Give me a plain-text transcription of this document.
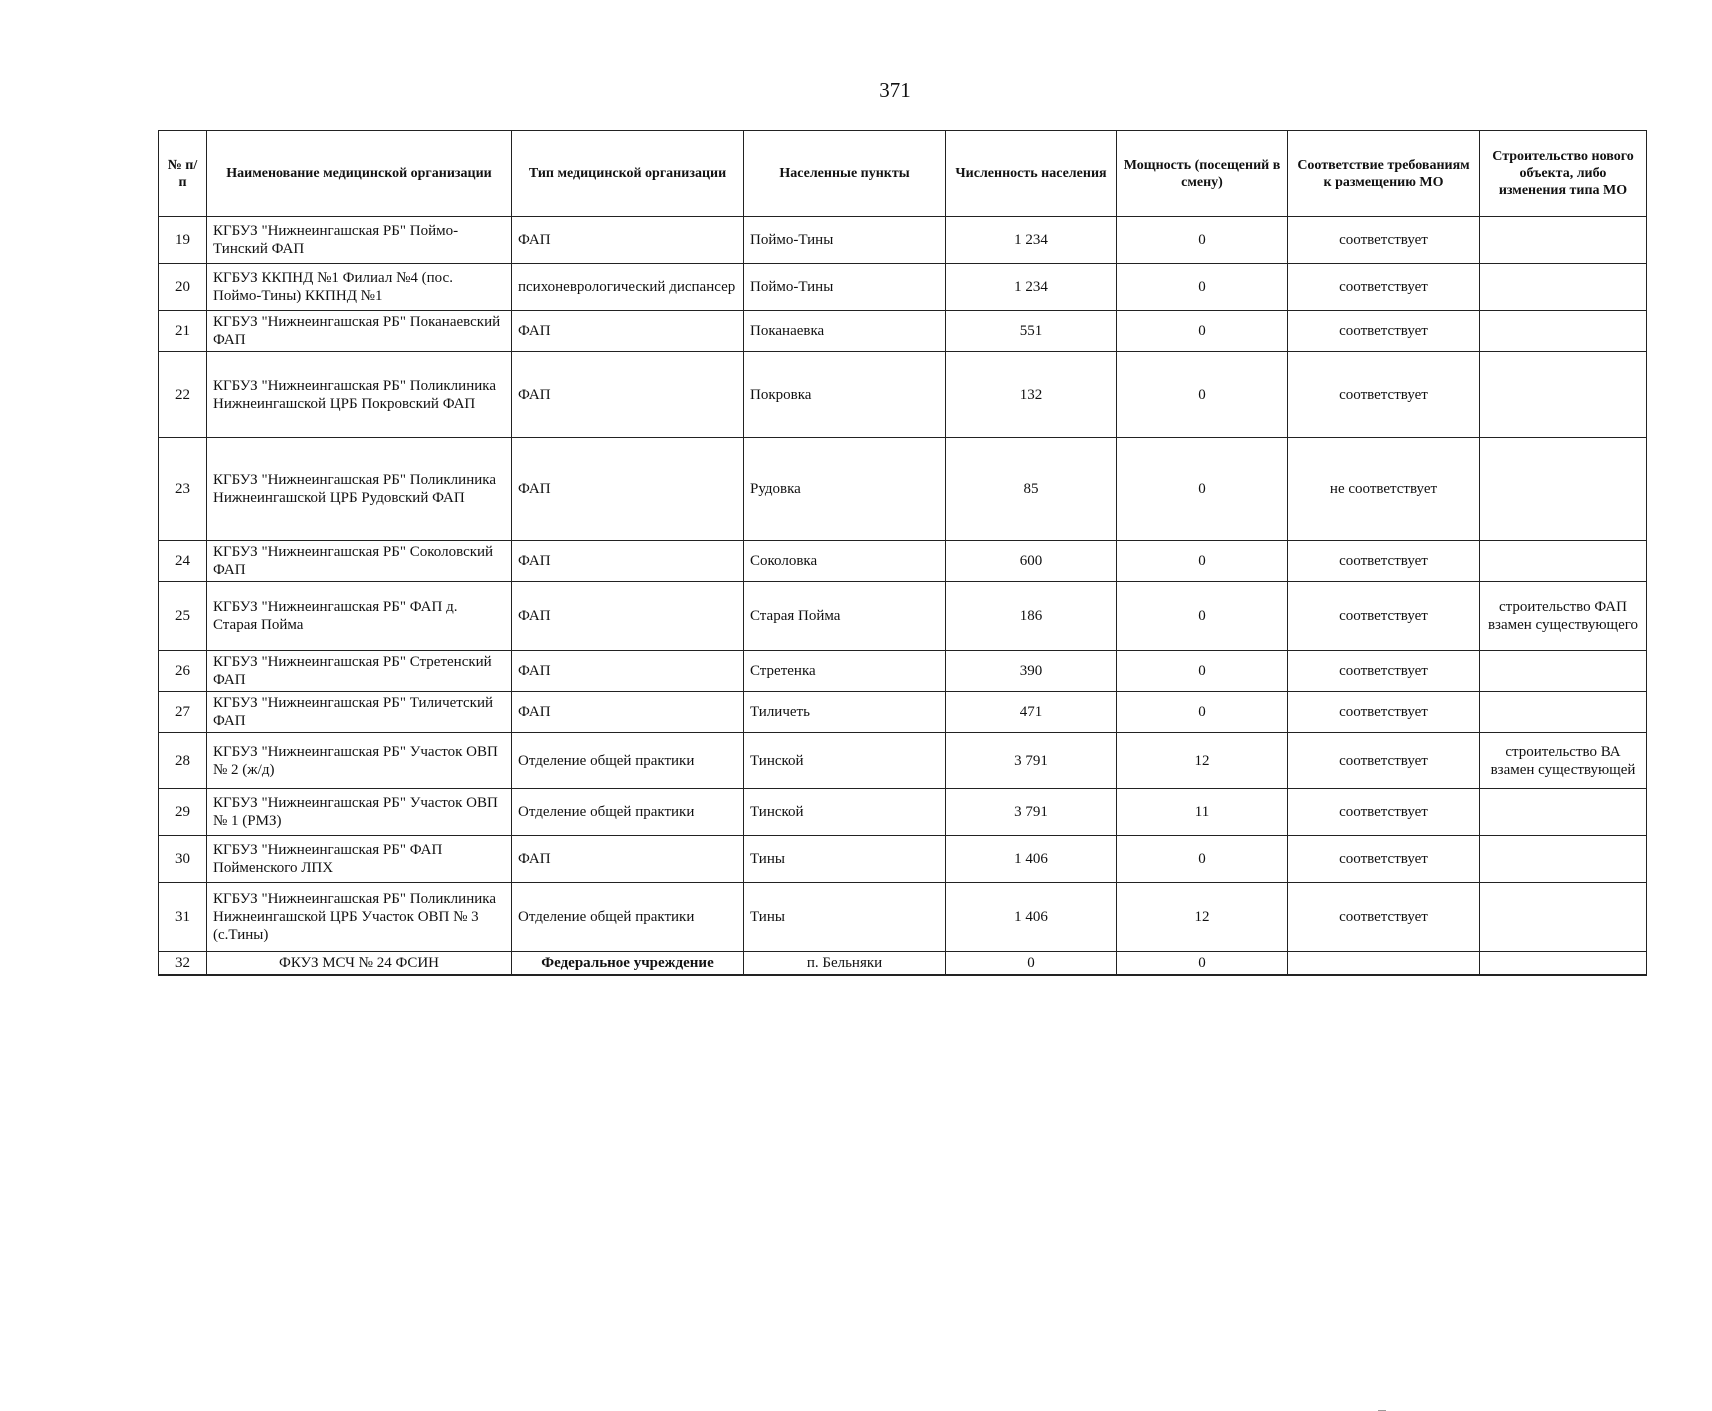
371
№ п/п	Наименование медицинской организации	Тип медицинской организации	Населенные пункты	Численность населения	Мощность (посещений в смену)	Соответствие требованиям к размещению МО	Строительство нового объекта, либо изменения типа МО
19	КГБУЗ "Нижнеингашская РБ" Поймо-Тинский ФАП	ФАП	Поймо-Тины	1 234	0	соответствует	
20	КГБУЗ ККПНД №1 Филиал №4 (пос. Поймо-Тины) ККПНД №1	психоневрологический диспансер	Поймо-Тины	1 234	0	соответствует	
21	КГБУЗ "Нижнеингашская РБ" Поканаевский ФАП	ФАП	Поканаевка	551	0	соответствует	
22	КГБУЗ "Нижнеингашская РБ" Поликлиника Нижнеингашской ЦРБ Покровский ФАП	ФАП	Покровка	132	0	соответствует	
23	КГБУЗ "Нижнеингашская РБ" Поликлиника Нижнеингашской ЦРБ Рудовский ФАП	ФАП	Рудовка	85	0	не соответствует	
24	КГБУЗ "Нижнеингашская РБ" Соколовский ФАП	ФАП	Соколовка	600	0	соответствует	
25	КГБУЗ "Нижнеингашская РБ" ФАП д. Старая Пойма	ФАП	Старая Пойма	186	0	соответствует	строительство ФАП взамен существующего
26	КГБУЗ "Нижнеингашская РБ" Стретенский ФАП	ФАП	Стретенка	390	0	соответствует	
27	КГБУЗ "Нижнеингашская РБ" Тиличетский ФАП	ФАП	Тиличеть	471	0	соответствует	
28	КГБУЗ "Нижнеингашская РБ" Участок ОВП № 2 (ж/д)	Отделение общей практики	Тинской	3 791	12	соответствует	строительство ВА взамен существующей
29	КГБУЗ "Нижнеингашская РБ" Участок ОВП № 1 (РМЗ)	Отделение общей практики	Тинской	3 791	11	соответствует	
30	КГБУЗ "Нижнеингашская РБ" ФАП Пойменского ЛПХ	ФАП	Тины	1 406	0	соответствует	
31	КГБУЗ "Нижнеингашская РБ" Поликлиника Нижнеингашской ЦРБ Участок ОВП № 3 (с.Тины)	Отделение общей практики	Тины	1 406	12	соответствует	
32	ФКУЗ МСЧ № 24 ФСИН	Федеральное учреждение	п. Бельняки	0	0		
